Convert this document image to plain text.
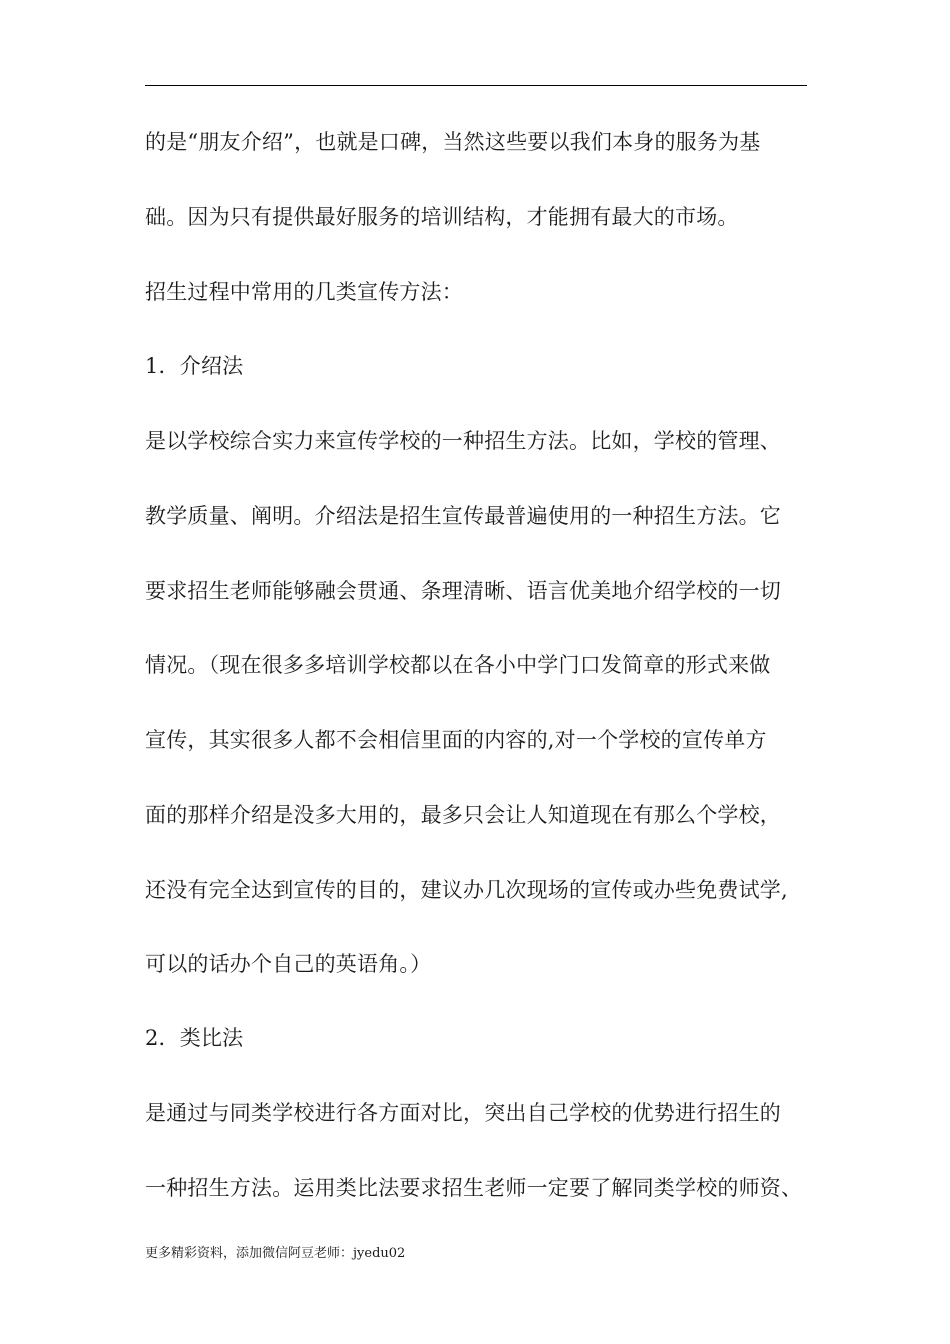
的是“朋友介绍”，也就是口碑，当然这些要以我们本身的服务为基
础。因为只有提供最好服务的培训结构，才能拥有最大的市场。
招生过程中常用的几类宣传方法：
1．介绍法
是以学校综合实力来宣传学校的一种招生方法。比如，学校的管理、
教学质量、阐明。介绍法是招生宣传最普遍使用的一种招生方法。它
要求招生老师能够融会贯通、条理清晰、语言优美地介绍学校的一切
情况。（现在很多多培训学校都以在各小中学门口发简章的形式来做
宣传，其实很多人都不会相信里面的内容的,对一个学校的宣传单方
面的那样介绍是没多大用的，最多只会让人知道现在有那么个学校，
还没有完全达到宣传的目的，建议办几次现场的宣传或办些免费试学,
可以的话办个自己的英语角。）
2．类比法
是通过与同类学校进行各方面对比，突出自己学校的优势进行招生的
一种招生方法。运用类比法要求招生老师一定要了解同类学校的师资、
更多精彩资料，添加微信阿豆老师：jyedu02
